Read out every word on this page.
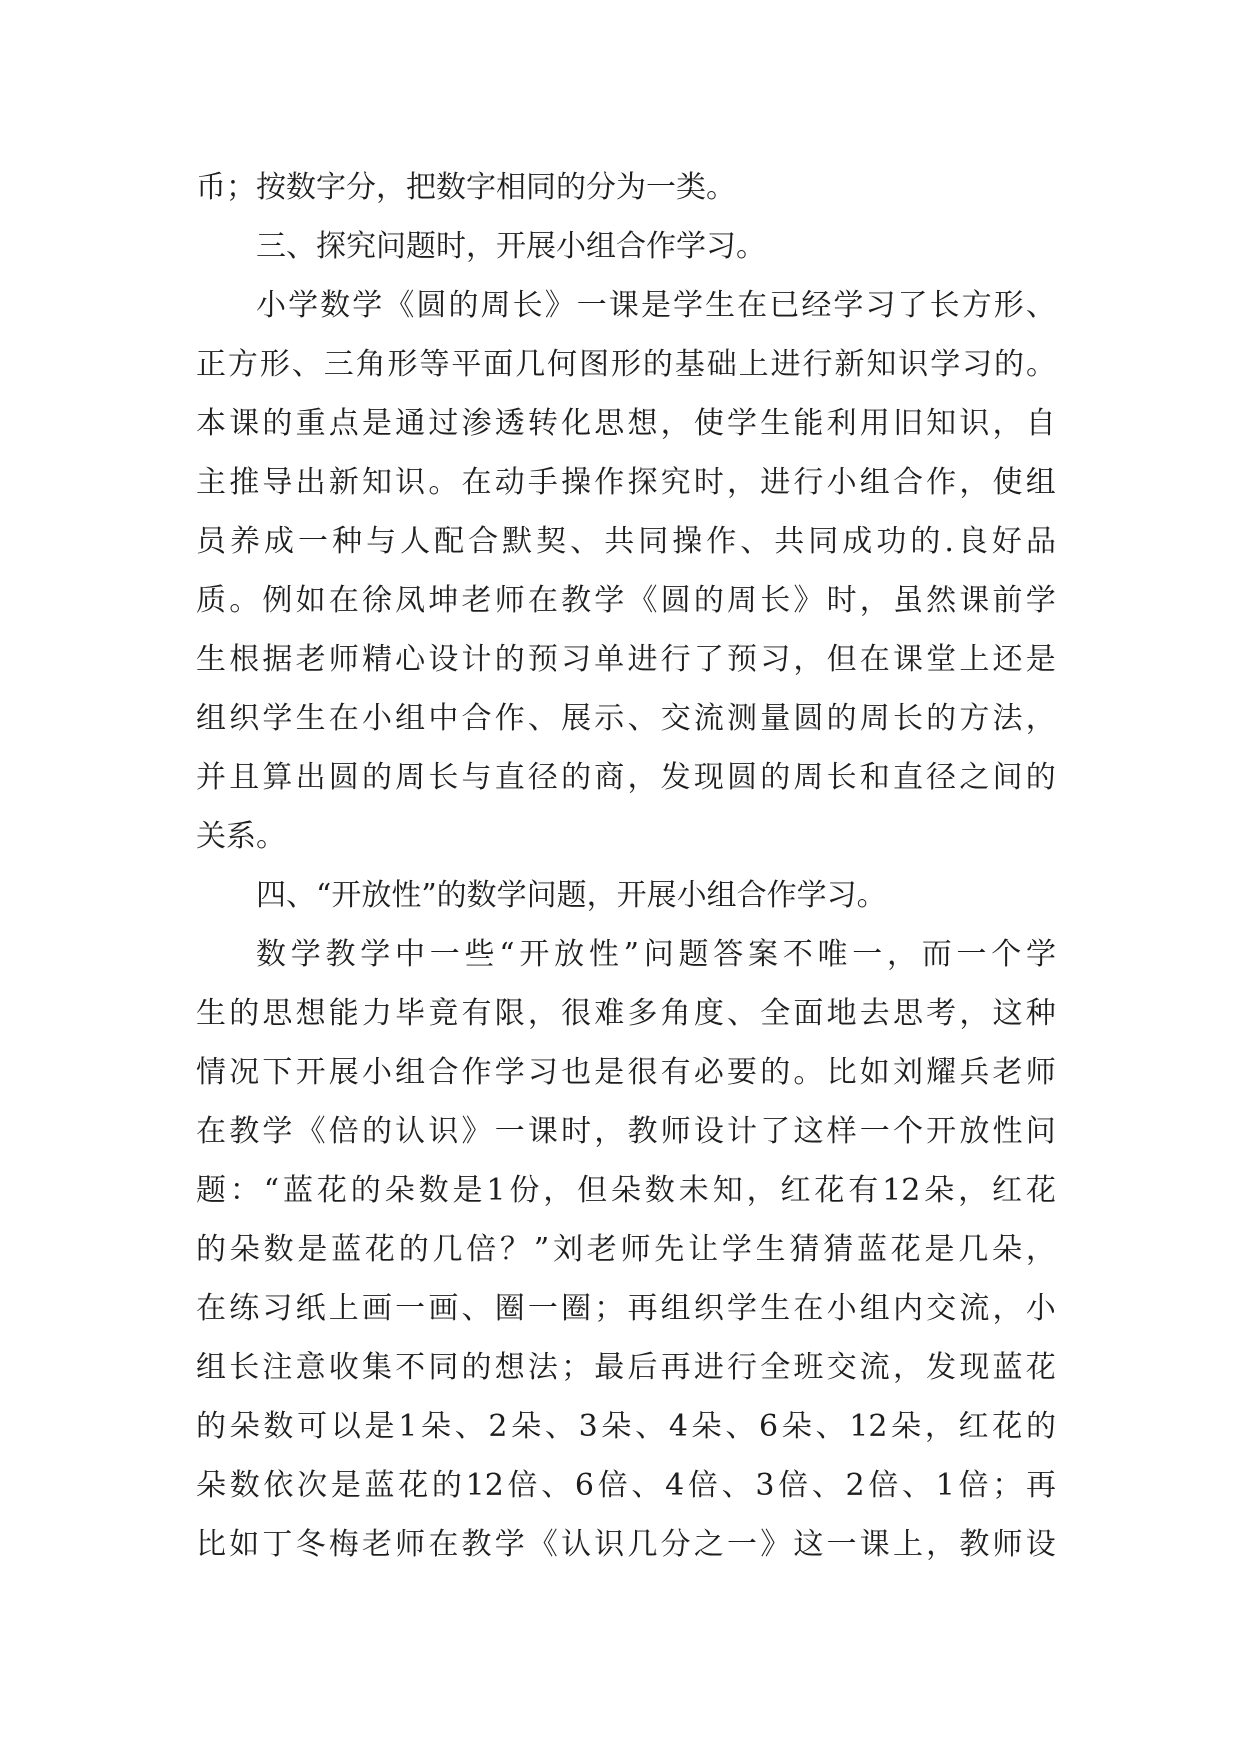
币；按数字分，把数字相同的分为一类。
三、探究问题时，开展小组合作学习。
小 学 数 学 《 圆 的 周 长 》 一 课 是 学 生 在 已 经 学 习 了 长 方 形 、
正 方 形 、 三 角 形 等 平 面 几 何 图 形 的 基 础 上 进 行 新 知 识 学 习 的 。
本 课 的 重 点 是 通 过 渗 透 转 化 思 想 ， 使 学 生 能 利 用 旧 知 识 ， 自
主 推 导 出 新 知 识 。 在 动 手 操 作 探 究 时 ， 进 行 小 组 合 作 ， 使 组
员 养 成 一 种 与 人 配 合 默 契 、 共 同 操 作 、 共 同 成 功 的 . 良 好 品
质 。 例 如 在 徐 凤 坤 老 师 在 教 学 《 圆 的 周 长 》 时 ， 虽 然 课 前 学
生 根 据 老 师 精 心 设 计 的 预 习 单 进 行 了 预 习 ， 但 在 课 堂 上 还 是
组 织 学 生 在 小 组 中 合 作 、 展 示 、 交 流 测 量 圆 的 周 长 的 方 法 ，
并 且 算 出 圆 的 周 长 与 直 径 的 商 ， 发 现 圆 的 周 长 和 直 径 之 间 的
关系。
四、“开放性”的数学问题，开展小组合作学习。
数 学 教 学 中 一 些 “ 开 放 性 ” 问 题 答 案 不 唯 一 ， 而 一 个 学
生 的 思 想 能 力 毕 竟 有 限 ， 很 难 多 角 度 、 全 面 地 去 思 考 ， 这 种
情 况 下 开 展 小 组 合 作 学 习 也 是 很 有 必 要 的 。 比 如 刘 耀 兵 老 师
在 教 学 《 倍 的 认 识 》 一 课 时 ， 教 师 设 计 了 这 样 一 个 开 放 性 问
题 ： “ 蓝 花 的 朵 数 是 1 份 ， 但 朵 数 未 知 ， 红 花 有 12 朵 ， 红 花
的 朵 数 是 蓝 花 的 几 倍 ？ ” 刘 老 师 先 让 学 生 猜 猜 蓝 花 是 几 朵 ，
在 练 习 纸 上 画 一 画 、 圈 一 圈 ； 再 组 织 学 生 在 小 组 内 交 流 ， 小
组 长 注 意 收 集 不 同 的 想 法 ； 最 后 再 进 行 全 班 交 流 ， 发 现 蓝 花
的 朵 数 可 以 是 1 朵 、 2 朵 、 3 朵 、 4 朵 、 6 朵 、 12 朵 ， 红 花 的
朵 数 依 次 是 蓝 花 的 12 倍 、 6 倍 、 4 倍 、 3 倍 、 2 倍 、 1 倍 ； 再
比 如 丁 冬 梅 老 师 在 教 学 《 认 识 几 分 之 一 》 这 一 课 上 ， 教 师 设
